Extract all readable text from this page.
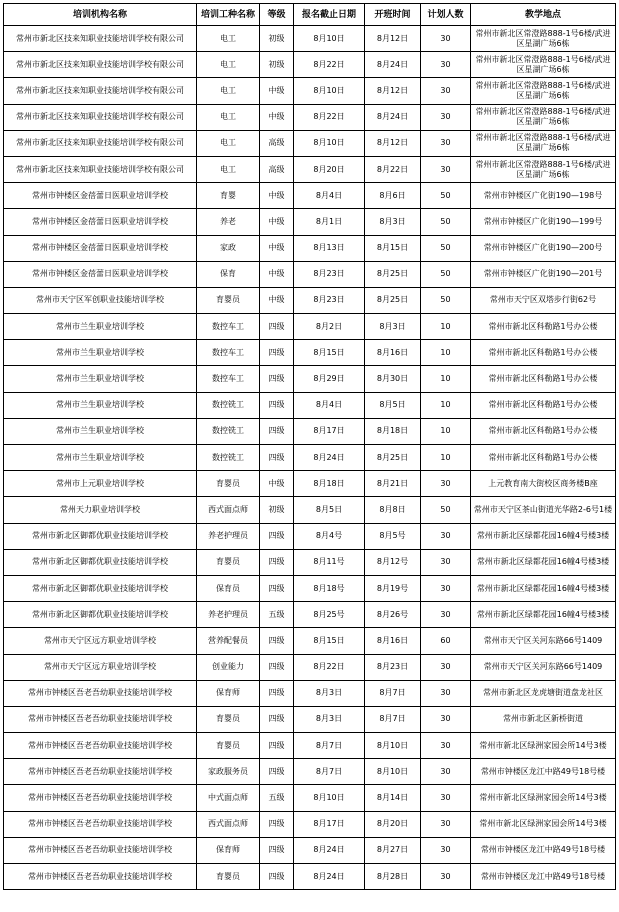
培训机构名称	培训工种名称	等级	报名截止日期	开班时间	计划人数	教学地点
常州市新北区技来知职业技能培训学校有限公司	电工	初级	8月10日	8月12日	30	常州市新北区常澄路888-1号6楼/武进区星湖广场6栋
常州市新北区技来知职业技能培训学校有限公司	电工	初级	8月22日	8月24日	30	常州市新北区常澄路888-1号6楼/武进区星湖广场6栋
常州市新北区技来知职业技能培训学校有限公司	电工	中级	8月10日	8月12日	30	常州市新北区常澄路888-1号6楼/武进区星湖广场6栋
常州市新北区技来知职业技能培训学校有限公司	电工	中级	8月22日	8月24日	30	常州市新北区常澄路888-1号6楼/武进区星湖广场6栋
常州市新北区技来知职业技能培训学校有限公司	电工	高级	8月10日	8月12日	30	常州市新北区常澄路888-1号6楼/武进区星湖广场6栋
常州市新北区技来知职业技能培训学校有限公司	电工	高级	8月20日	8月22日	30	常州市新北区常澄路888-1号6楼/武进区星湖广场6栋
常州市钟楼区金蓓蕾日医职业培训学校	育婴	中级	8月4日	8月6日	50	常州市钟楼区广化街190—198号
常州市钟楼区金蓓蕾日医职业培训学校	养老	中级	8月1日	8月3日	50	常州市钟楼区广化街190—199号
常州市钟楼区金蓓蕾日医职业培训学校	家政	中级	8月13日	8月15日	50	常州市钟楼区广化街190—200号
常州市钟楼区金蓓蕾日医职业培训学校	保育	中级	8月23日	8月25日	50	常州市钟楼区广化街190—201号
常州市天宁区军创职业技能培训学校	育婴员	中级	8月23日	8月25日	50	常州市天宁区双塔步行街62号
常州市兰生职业培训学校	数控车工	四级	8月2日	8月3日	10	常州市新北区科勒路1号办公楼
常州市兰生职业培训学校	数控车工	四级	8月15日	8月16日	10	常州市新北区科勒路1号办公楼
常州市兰生职业培训学校	数控车工	四级	8月29日	8月30日	10	常州市新北区科勒路1号办公楼
常州市兰生职业培训学校	数控铣工	四级	8月4日	8月5日	10	常州市新北区科勒路1号办公楼
常州市兰生职业培训学校	数控铣工	四级	8月17日	8月18日	10	常州市新北区科勒路1号办公楼
常州市兰生职业培训学校	数控铣工	四级	8月24日	8月25日	10	常州市新北区科勒路1号办公楼
常州市上元职业培训学校	育婴员	中级	8月18日	8月21日	30	上元教育南大街校区商务楼B座
常州天力职业培训学校	西式面点师	初级	8月5日	8月8日	50	常州市天宁区茶山街道光华路2-6号1楼
常州市新北区御都优职业技能培训学校	养老护理员	四级	8月4号	8月5号	30	常州市新北区绿都花园16幢4号楼3楼
常州市新北区御都优职业技能培训学校	育婴员	四级	8月11号	8月12号	30	常州市新北区绿都花园16幢4号楼3楼
常州市新北区御都优职业技能培训学校	保育员	四级	8月18号	8月19号	30	常州市新北区绿都花园16幢4号楼3楼
常州市新北区御都优职业技能培训学校	养老护理员	五级	8月25号	8月26号	30	常州市新北区绿都花园16幢4号楼3楼
常州市天宁区远方职业培训学校	营养配餐员	四级	8月15日	8月16日	60	常州市天宁区关河东路66号1409
常州市天宁区远方职业培训学校	创业能力	四级	8月22日	8月23日	30	常州市天宁区关河东路66号1409
常州市钟楼区吾老吾幼职业技能培训学校	保育师	四级	8月3日	8月7日	30	常州市新北区龙虎塘街道盘龙社区
常州市钟楼区吾老吾幼职业技能培训学校	育婴员	四级	8月3日	8月7日	30	常州市新北区新桥街道
常州市钟楼区吾老吾幼职业技能培训学校	育婴员	四级	8月7日	8月10日	30	常州市新北区绿洲家园会所14号3楼
常州市钟楼区吾老吾幼职业技能培训学校	家政服务员	四级	8月7日	8月10日	30	常州市钟楼区龙江中路49号18号楼
常州市钟楼区吾老吾幼职业技能培训学校	中式面点师	五级	8月10日	8月14日	30	常州市新北区绿洲家园会所14号3楼
常州市钟楼区吾老吾幼职业技能培训学校	西式面点师	四级	8月17日	8月20日	30	常州市新北区绿洲家园会所14号3楼
常州市钟楼区吾老吾幼职业技能培训学校	保育师	四级	8月24日	8月27日	30	常州市钟楼区龙江中路49号18号楼
常州市钟楼区吾老吾幼职业技能培训学校	育婴员	四级	8月24日	8月28日	30	常州市钟楼区龙江中路49号18号楼
